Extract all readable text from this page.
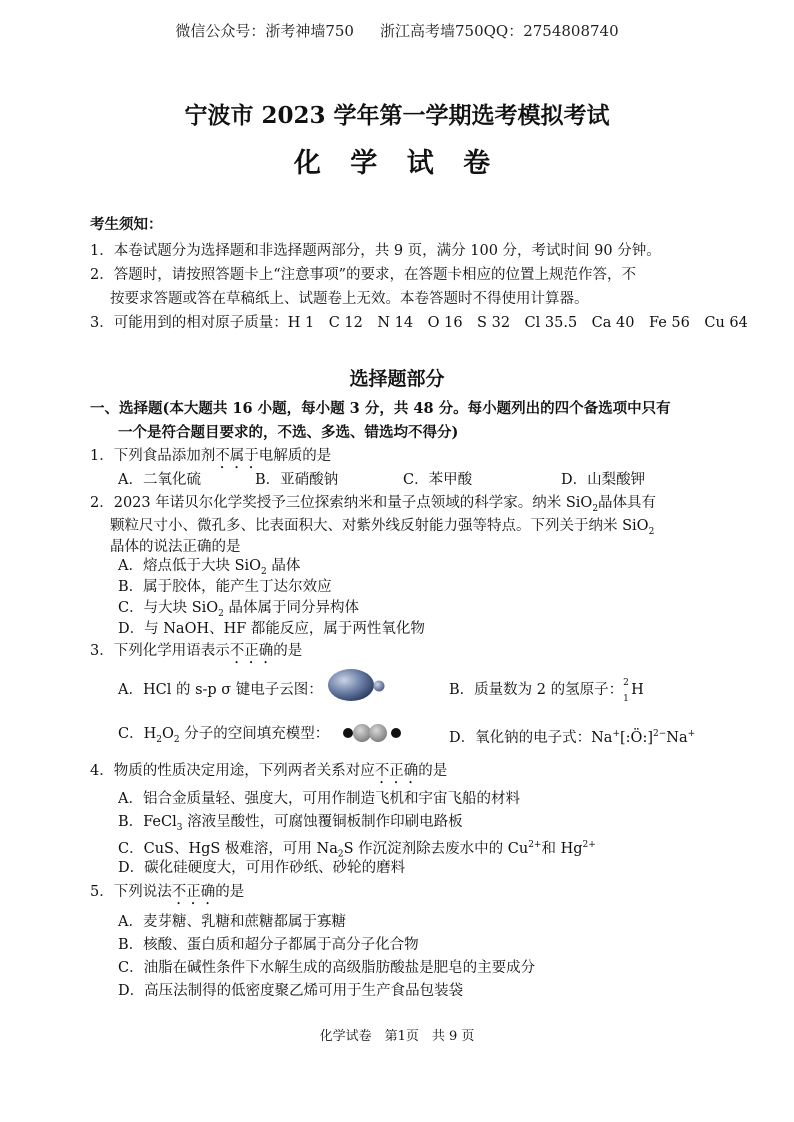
微信公众号：浙考神墙750 浙江高考墙750QQ：2754808740
宁波市 2023 学年第一学期选考模拟考试
化 学 试 卷
考生须知：
1．本卷试题分为选择题和非选择题两部分，共 9 页，满分 100 分，考试时间 90 分钟。
2．答题时，请按照答题卡上“注意事项”的要求，在答题卡相应的位置上规范作答，不
按要求答题或答在草稿纸上、试题卷上无效。本卷答题时不得使用计算器。
3．可能用到的相对原子质量：H 1　C 12　N 14　O 16　S 32　Cl 35.5　Ca 40　Fe 56　Cu 64
选择题部分
一、选择题(本大题共 16 小题，每小题 3 分，共 48 分。每小题列出的四个备选项中只有
一个是符合题目要求的，不选、多选、错选均不得分)
1．下列食品添加剂不属于电解质的是
A．二氧化硫	B．亚硝酸钠	C．苯甲酸	D．山梨酸钾
2．2023 年诺贝尔化学奖授予三位探索纳米和量子点领域的科学家。纳米 SiO$_2$晶体具有
颗粒尺寸小、微孔多、比表面积大、对紫外线反射能力强等特点。下列关于纳米 SiO$_2$
晶体的说法正确的是
A．熔点低于大块 SiO$_2$ 晶体
B．属于胶体，能产生丁达尔效应
C．与大块 SiO$_2$ 晶体属于同分异构体
D．与 NaOH、HF 都能反应，属于两性氧化物
3．下列化学用语表示不正确的是
A．HCl 的 s-p σ 键电子云图：	B．质量数为 2 的氢原子： 2
1
H
C．$H_2O_2$ 分子的空间填充模型：	D．氧化钠的电子式：Na+[:Ö:]$^{2-}$Na+
4．物质的性质决定用途，下列两者关系对应不正确的是
A．铝合金质量轻、强度大，可用作制造飞机和宇宙飞船的材料
B．FeCl$_3$ 溶液呈酸性，可腐蚀覆铜板制作印刷电路板
C．CuS、HgS 极难溶，可用 $Na_2S$ 作沉淀剂除去废水中的 $Cu^{2+}$和 $Hg^{2+}$
D．碳化硅硬度大，可用作砂纸、砂轮的磨料
5．下列说法不正确的是
A．麦芽糖、乳糖和蔗糖都属于寡糖
B．核酸、蛋白质和超分子都属于高分子化合物
C．油脂在碱性条件下水解生成的高级脂肪酸盐是肥皂的主要成分
D．高压法制得的低密度聚乙烯可用于生产食品包装袋
化学试卷　第1页　共 9 页
